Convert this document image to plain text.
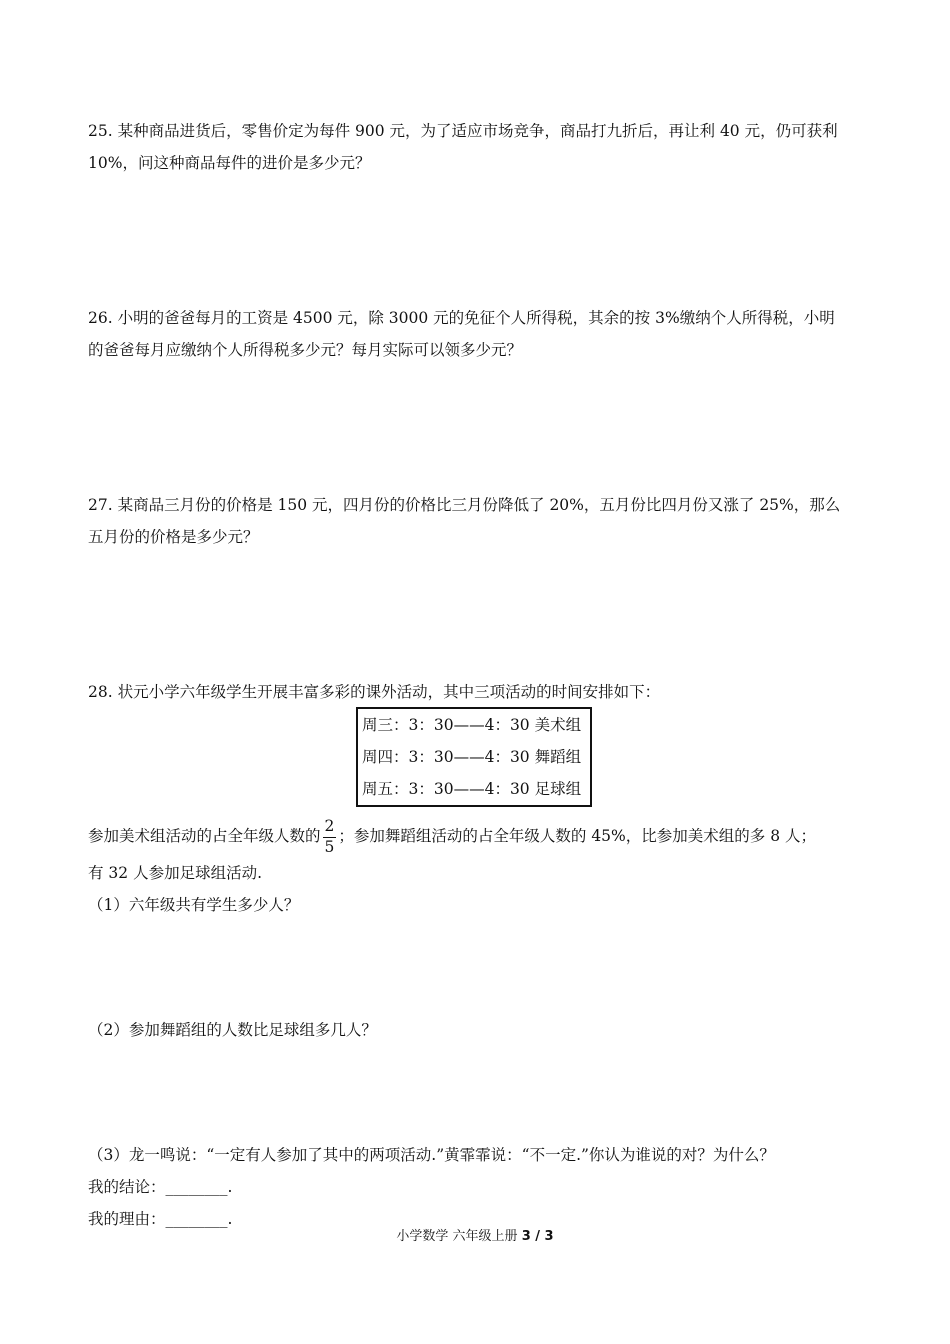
25. 某种商品进货后，零售价定为每件 900 元，为了适应市场竞争，商品打九折后，再让利 40 元，仍可获利
10%，问这种商品每件的进价是多少元？
26. 小明的爸爸每月的工资是 4500 元，除 3000 元的免征个人所得税，其余的按 3%缴纳个人所得税，小明
的爸爸每月应缴纳个人所得税多少元？每月实际可以领多少元？
27. 某商品三月份的价格是 150 元，四月份的价格比三月份降低了 20%，五月份比四月份又涨了 25%，那么
五月份的价格是多少元？
28. 状元小学六年级学生开展丰富多彩的课外活动，其中三项活动的时间安排如下：
周三：3：30——4：30 美术组
周四：3：30——4：30 舞蹈组
周五：3：30——4：30 足球组
参加美术组活动的占全年级人数的 $\frac{2}{5}$ ；参加舞蹈组活动的占全年级人数的 45%，比参加美术组的多 8 人；
有 32 人参加足球组活动.
（1）六年级共有学生多少人？
（2）参加舞蹈组的人数比足球组多几人？
（3）龙一鸣说：“一定有人参加了其中的两项活动.”黄霏霏说：“不一定.”你认为谁说的对？为什么？
我的结论：________.
我的理由：________.
小学数学 六年级上册 3 / 3
